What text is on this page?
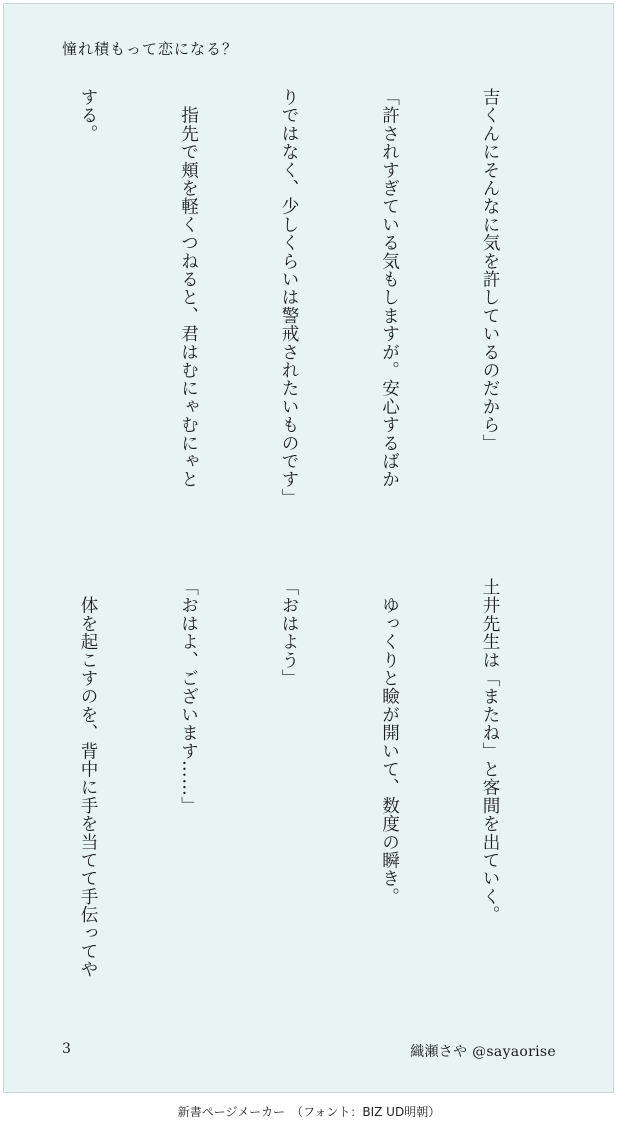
憧れ積もって恋になる？

吉くんにそんなに気を許しているのだから」

「許されすぎている気もしますが。安心するばか

りではなく、少しくらいは警戒されたいものです」

　指先で頬を軽くつねると、君はむにゃむにゃと

する。

土井先生は「またね」と客間を出ていく。

　ゆっくりと瞼が開いて、数度の瞬き。

「おはよう」

「おはよ、ございます……」

　体を起こすのを、背中に手を当てて手伝ってや

3	織瀬さや @sayaorise
新書ページメーカー　（フォント：BIZ UD明朝）
